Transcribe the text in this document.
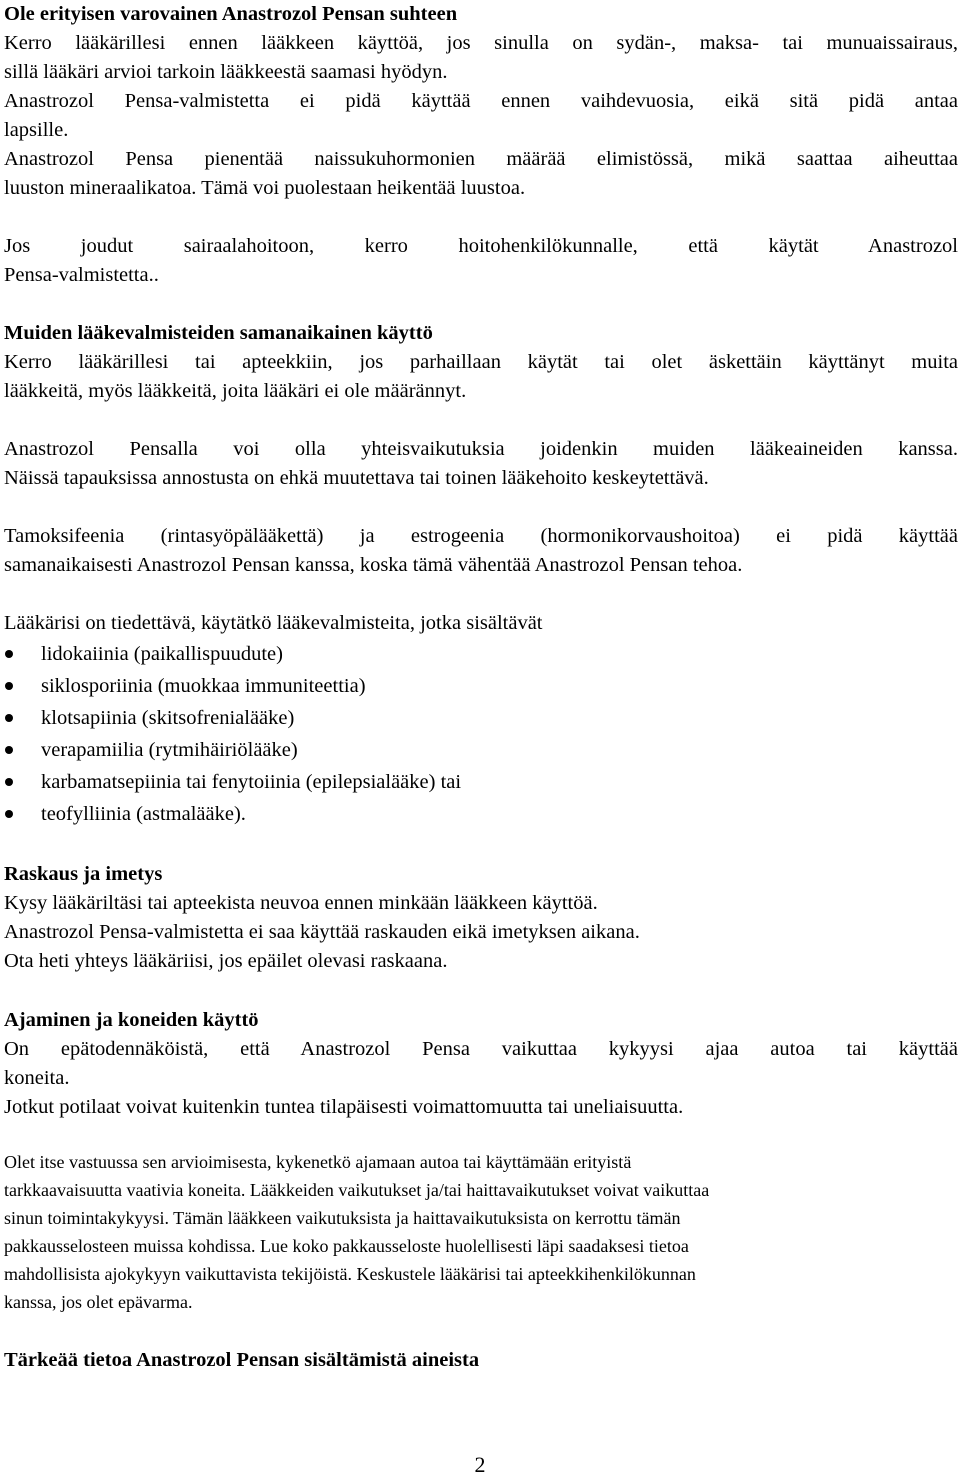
Ole erityisen varovainen Anastrozol Pensan suhteen

Kerro lääkärillesi ennen lääkkeen käyttöä, jos sinulla on sydän-, maksa- tai munuaissairaus,

sillä lääkäri arvioi tarkoin lääkkeestä saamasi hyödyn.

Anastrozol Pensa-valmistetta ei pidä käyttää ennen vaihdevuosia, eikä sitä pidä antaa

lapsille.

Anastrozol Pensa pienentää naissukuhormonien määrää elimistössä, mikä saattaa aiheuttaa

luuston mineraalikatoa. Tämä voi puolestaan heikentää luustoa.

Jos joudut sairaalahoitoon, kerro hoitohenkilökunnalle, että käytät Anastrozol

Pensa-valmistetta..

Muiden lääkevalmisteiden samanaikainen käyttö

Kerro lääkärillesi tai apteekkiin, jos parhaillaan käytät tai olet äskettäin käyttänyt muita

lääkkeitä, myös lääkkeitä, joita lääkäri ei ole määrännyt.

Anastrozol Pensalla voi olla yhteisvaikutuksia joidenkin muiden lääkeaineiden kanssa.

Näissä tapauksissa annostusta on ehkä muutettava tai toinen lääkehoito keskeytettävä.

Tamoksifeenia (rintasyöpälääkettä) ja estrogeenia (hormonikorvaushoitoa) ei pidä käyttää

samanaikaisesti Anastrozol Pensan kanssa, koska tämä vähentää Anastrozol Pensan tehoa.

Lääkärisi on tiedettävä, käytätkö lääkevalmisteita, jotka sisältävät

lidokaiinia (paikallispuudute)
siklosporiinia (muokkaa immuniteettia)
klotsapiinia (skitsofrenialääke)
verapamiilia (rytmihäiriölääke)
karbamatsepiinia tai fenytoiinia (epilepsialääke) tai
teofylliinia (astmalääke).

Raskaus ja imetys

Kysy lääkäriltäsi tai apteekista neuvoa ennen minkään lääkkeen käyttöä.

Anastrozol Pensa-valmistetta ei saa käyttää raskauden eikä imetyksen aikana.

Ota heti yhteys lääkäriisi, jos epäilet olevasi raskaana.

Ajaminen ja koneiden käyttö

On epätodennäköistä, että Anastrozol Pensa vaikuttaa kykyysi ajaa autoa tai käyttää

koneita.

Jotkut potilaat voivat kuitenkin tuntea tilapäisesti voimattomuutta tai uneliaisuutta.

Olet itse vastuussa sen arvioimisesta, kykenetkö ajamaan autoa tai käyttämään erityistä

tarkkaavaisuutta vaativia koneita. Lääkkeiden vaikutukset ja/tai haittavaikutukset voivat vaikuttaa

sinun toimintakykyysi. Tämän lääkkeen vaikutuksista ja haittavaikutuksista on kerrottu tämän

pakkausselosteen muissa kohdissa. Lue koko pakkausseloste huolellisesti läpi saadaksesi tietoa

mahdollisista ajokykyyn vaikuttavista tekijöistä. Keskustele lääkärisi tai apteekkihenkilökunnan

kanssa, jos olet epävarma.

Tärkeää tietoa Anastrozol Pensan sisältämistä aineista

2
